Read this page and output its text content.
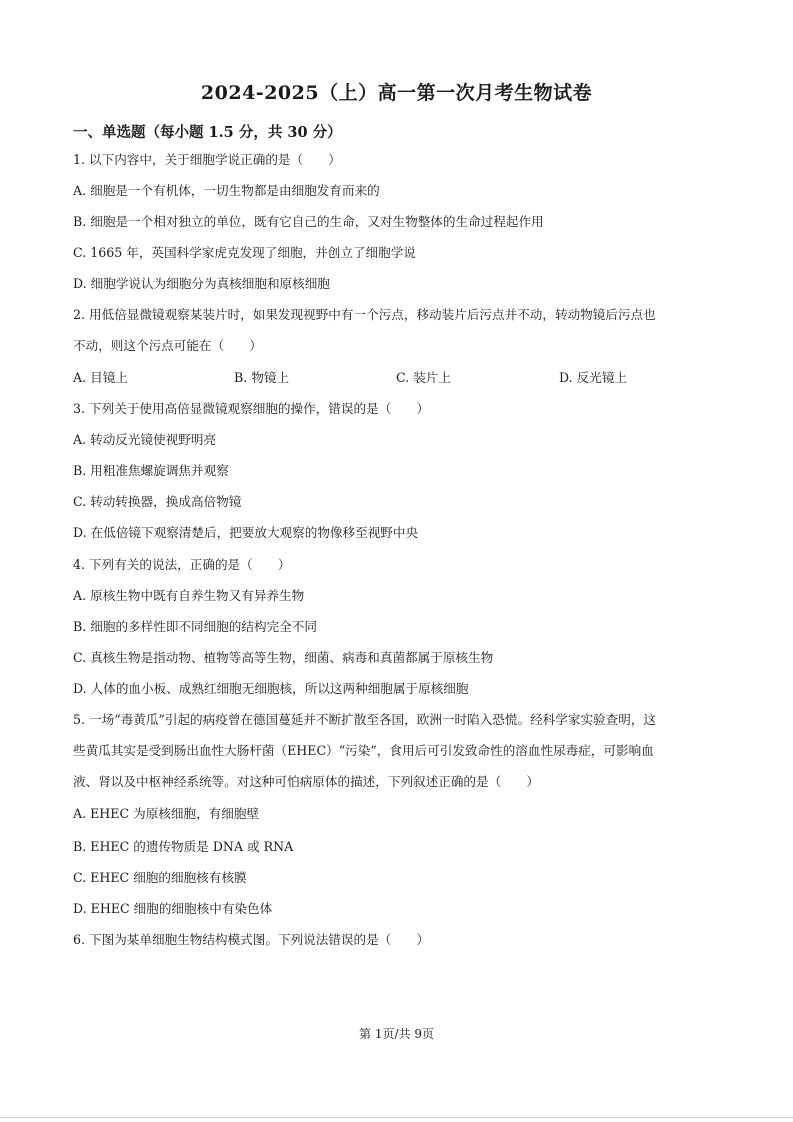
2024-2025（上）高一第一次月考生物试卷
一、单选题（每小题 1.5 分，共 30 分）
1. 以下内容中，关于细胞学说正确的是（　　）
A. 细胞是一个有机体，一切生物都是由细胞发育而来的
B. 细胞是一个相对独立的单位，既有它自己的生命，又对生物整体的生命过程起作用
C. 1665 年，英国科学家虎克发现了细胞，并创立了细胞学说
D. 细胞学说认为细胞分为真核细胞和原核细胞
2. 用低倍显微镜观察某装片时，如果发现视野中有一个污点，移动装片后污点并不动，转动物镜后污点也
不动，则这个污点可能在（　　）
A. 目镜上	B. 物镜上	C. 装片上	D. 反光镜上
3. 下列关于使用高倍显微镜观察细胞的操作，错误的是（　　）
A. 转动反光镜使视野明亮
B. 用粗准焦螺旋调焦并观察
C. 转动转换器，换成高倍物镜
D. 在低倍镜下观察清楚后，把要放大观察的物像移至视野中央
4. 下列有关的说法，正确的是（　　）
A. 原核生物中既有自养生物又有异养生物
B. 细胞的多样性即不同细胞的结构完全不同
C. 真核生物是指动物、植物等高等生物，细菌、病毒和真菌都属于原核生物
D. 人体的血小板、成熟红细胞无细胞核，所以这两种细胞属于原核细胞
5. 一场“毒黄瓜”引起的病疫曾在德国蔓延并不断扩散至各国，欧洲一时陷入恐慌。经科学家实验查明，这
些黄瓜其实是受到肠出血性大肠杆菌（EHEC）“污染”，食用后可引发致命性的溶血性尿毒症，可影响血
液、肾以及中枢神经系统等。对这种可怕病原体的描述，下列叙述正确的是（　　）
A. EHEC 为原核细胞，有细胞壁
B. EHEC 的遗传物质是 DNA 或 RNA
C. EHEC 细胞的细胞核有核膜
D. EHEC 细胞的细胞核中有染色体
6. 下图为某单细胞生物结构模式图。下列说法错误的是（　　）
第 1页/共 9页
